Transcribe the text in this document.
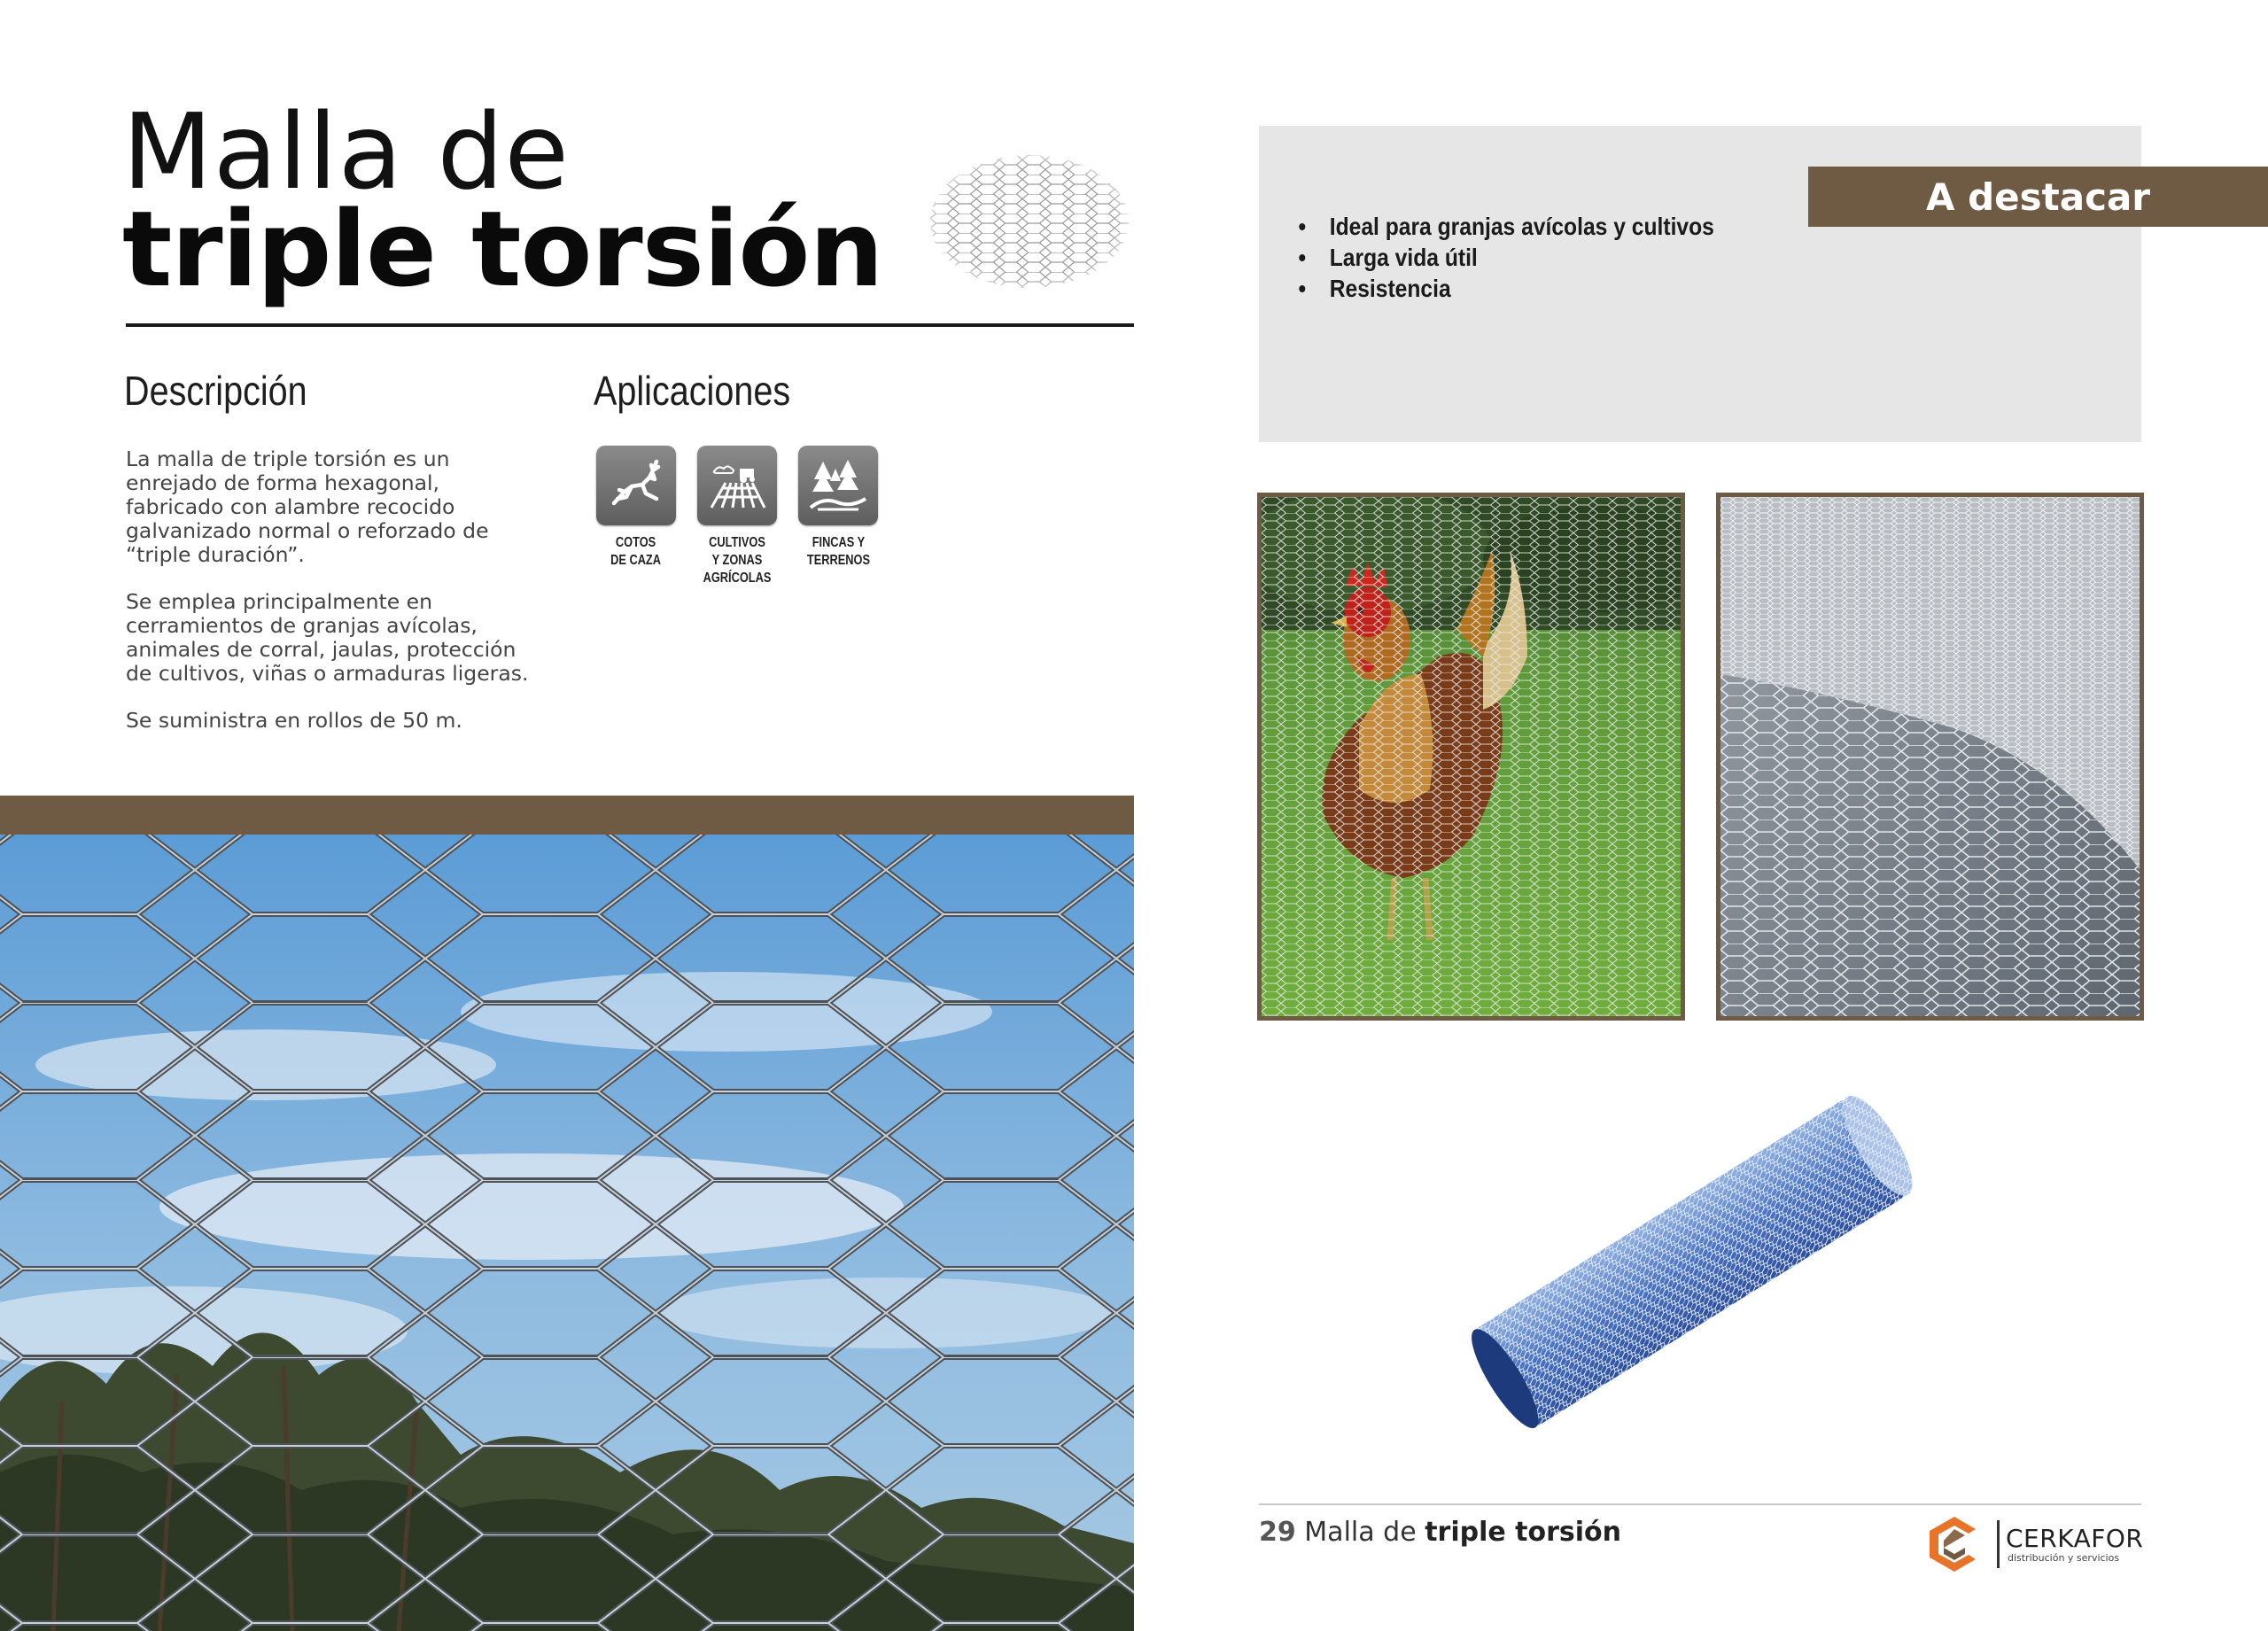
Malla de
triple torsión
Descripción	Aplicaciones

La malla de triple torsión es un enrejado de forma hexagonal, fabricado con alambre recocido galvanizado normal o reforzado de “triple duración”.

Se emplea principalmente en cerramientos de granjas avícolas, animales de corral, jaulas, protección de cultivos, viñas o armaduras ligeras.

Se suministra en rollos de 50 m.

COTOS
DE CAZA
CULTIVOS
Y ZONAS
AGRÍCOLAS
FINCAS Y
TERRENOS
A destacar
• Ideal para granjas avícolas y cultivos
• Larga vida útil
• Resistencia
29 Malla de triple torsión	CERKAFOR
distribución y servicios
